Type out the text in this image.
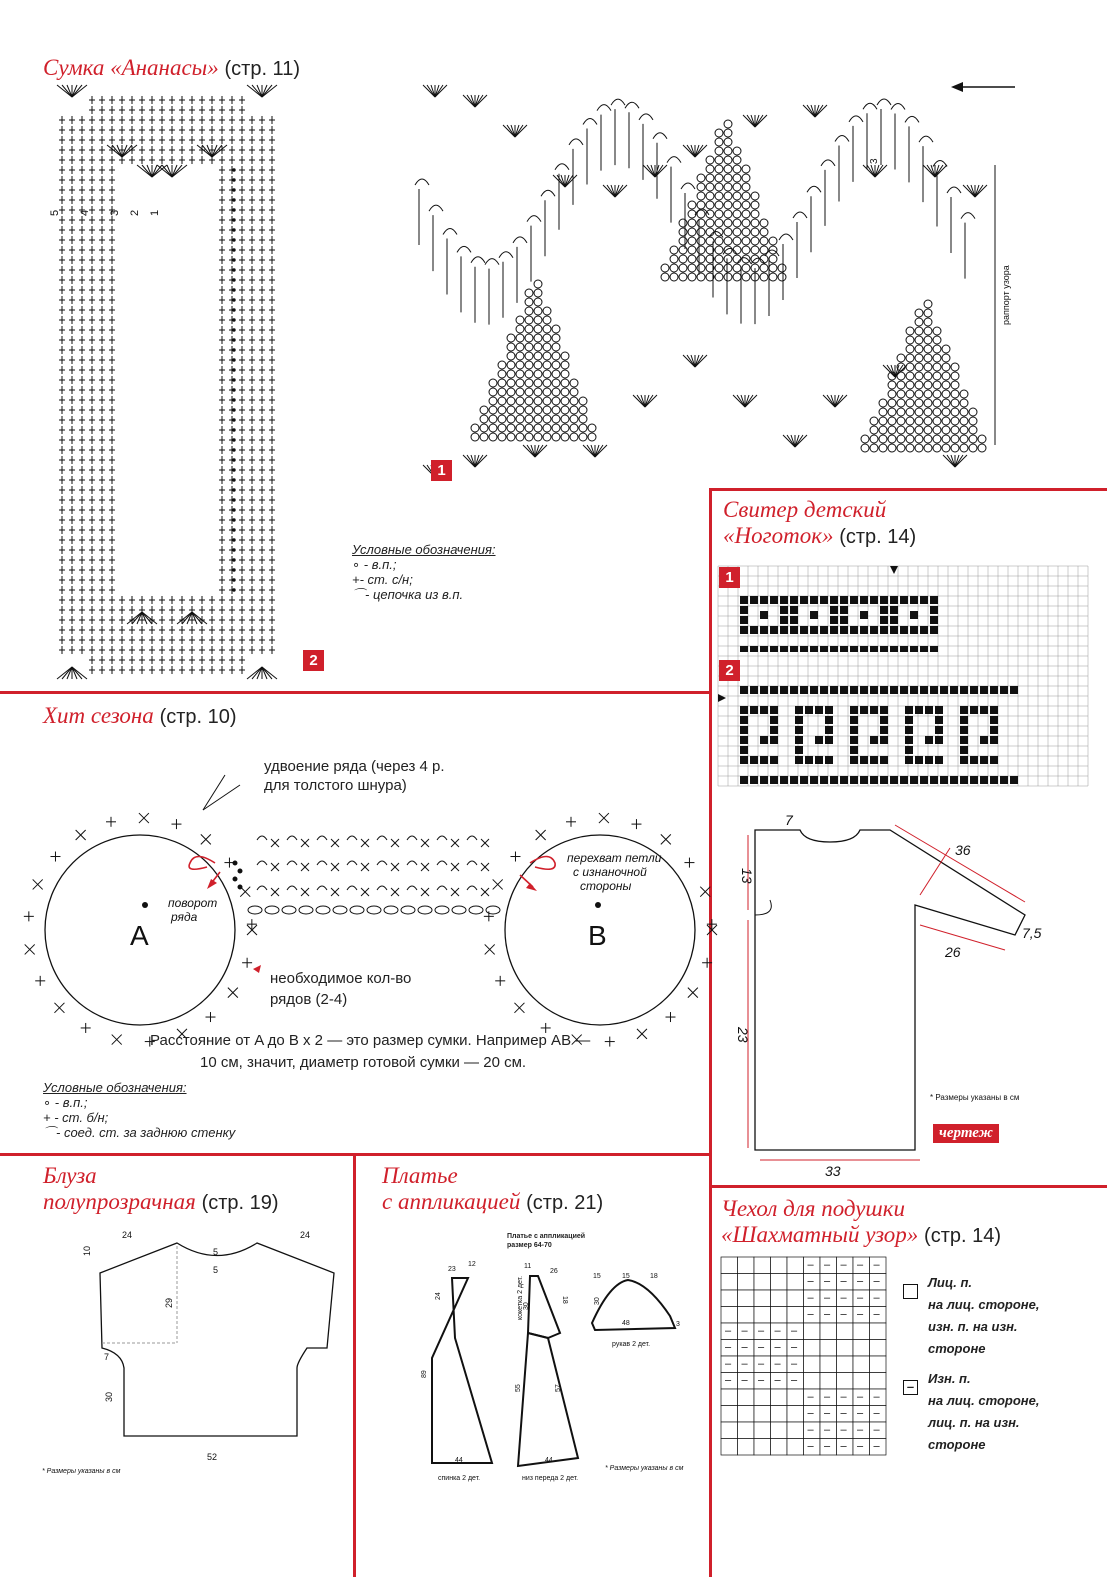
Сумка «Ананасы» (стр. 11)
5 4 3 2 1
2
раппорт узора
3
1
Условные обозначения:
∘ - в.п.;
+- ст. с/н;
⌒- цепочка из в.п.
Хит сезона (стр. 10)
A	B
поворот ряда
перехват петли с изнаночной стороны
удвоение ряда (через 4 р.
для толстого шнура)
необходимое кол-во
рядов (2-4)
Расстояние от A до B x 2 — это размер сумки. Например AB —
10 см, значит, диаметр готовой сумки — 20 см.
Условные обозначения:
∘ - в.п.;
+ - ст. б/н;
⌒- соед. ст. за заднюю стенку
Свитер детский
«Ноготок» (стр. 14)
1
2
7
36
13
7,5
26
23
33
* Размеры указаны в см
чертеж
Блуза
полупрозрачная (стр. 19)
24	24
5
5
10
29
7
30
52
* Размеры указаны в см
Платье
с аппликацией (стр. 21)
Платье с аппликацией
размер 64-70
23
12
24
89
44
спинка 2 дет.
11
26
18
кокетка 2 дет. 30
55	57
44
низ переда 2 дет.
15	15	18
30
48	3
рукав 2 дет.
* Размеры указаны в см
Чехол для подушки
«Шахматный узор» (стр. 14)
– – – – –
– – – – –
– – – – –
– – – – –
– – – – –
– – – – –
– – – – –
– – – – –
– – – – –
– – – – –
– – – – –
– – – – –
Лиц. п.
на лиц. стороне,
изн. п. на изн.
стороне
–
Изн. п.
на лиц. стороне,
лиц. п. на изн.
стороне
